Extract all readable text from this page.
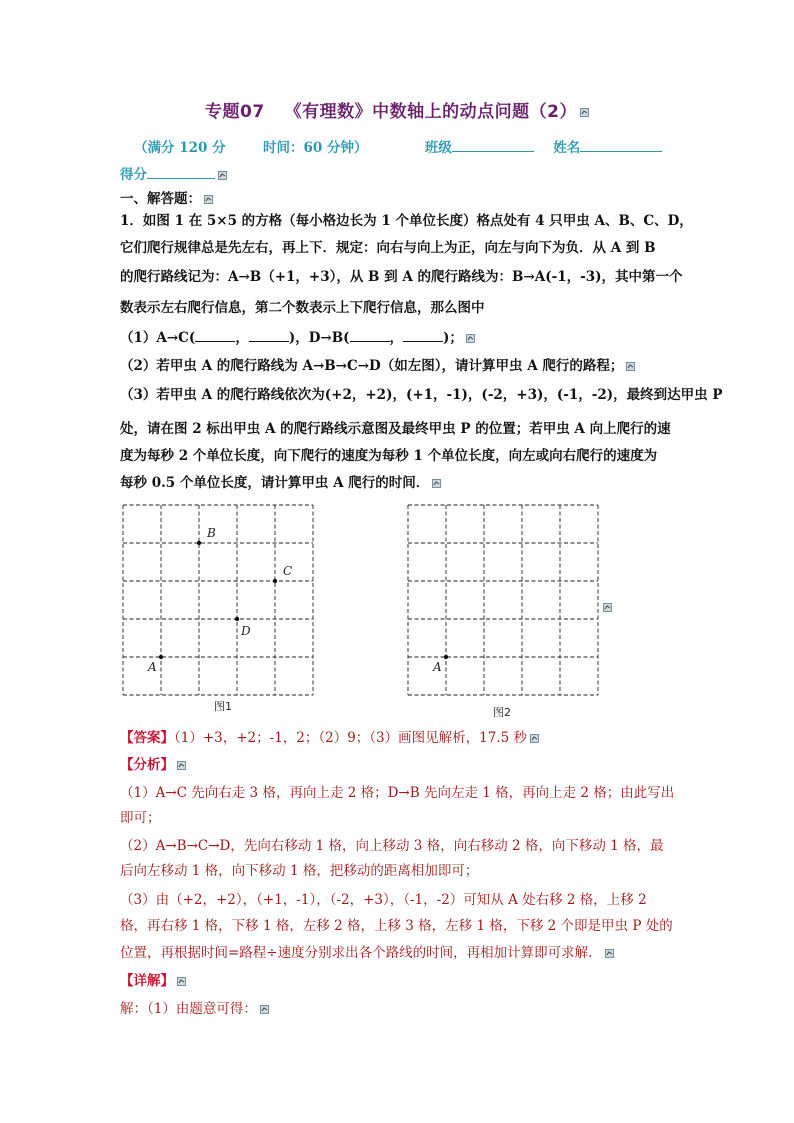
专题07 《有理数》中数轴上的动点问题（2）
（满分 120 分	时间：60 分钟）	班级	姓名
得分
一、解答题：
1．如图 1 在 5×5 的方格（每小格边长为 1 个单位长度）格点处有 4 只甲虫 A、B、C、D，
它们爬行规律总是先左右，再上下．规定：向右与向上为正，向左与向下为负．从 A 到 B
的爬行路线记为：A→B（+1，+3），从 B 到 A 的爬行路线为：B→A(-1，-3)，其中第一个
数表示左右爬行信息，第二个数表示上下爬行信息，那么图中
（1）A→C(	，	)，D→B(	，	)；
（2）若甲虫 A 的爬行路线为 A→B→C→D（如左图），请计算甲虫 A 爬行的路程；
（3）若甲虫 A 的爬行路线依次为(+2，+2)，(+1，-1)，(-2，+3)，(-1，-2)，最终到达甲虫 P
处，请在图 2 标出甲虫 A 的爬行路线示意图及最终甲虫 P 的位置；若甲虫 A 向上爬行的速
度为每秒 2 个单位长度，向下爬行的速度为每秒 1 个单位长度，向左或向右爬行的速度为
每秒 0.5 个单位长度，请计算甲虫 A 爬行的时间．
A
B
C
D
图1
A
图2
【答案】（1）+3，+2；-1，2；（2）9；（3）画图见解析，17.5 秒
【分析】
（1）A→C 先向右走 3 格，再向上走 2 格；D→B 先向左走 1 格，再向上走 2 格；由此写出
即可；
（2）A→B→C→D，先向右移动 1 格，向上移动 3 格，向右移动 2 格，向下移动 1 格，最
后向左移动 1 格，向下移动 1 格，把移动的距离相加即可；
（3）由（+2，+2），（+1，-1），（-2，+3），（-1，-2）可知从 A 处右移 2 格，上移 2
格，再右移 1 格，下移 1 格，左移 2 格，上移 3 格，左移 1 格，下移 2 个即是甲虫 P 处的
位置，再根据时间=路程÷速度分别求出各个路线的时间，再相加计算即可求解．
【详解】
解：（1）由题意可得：
